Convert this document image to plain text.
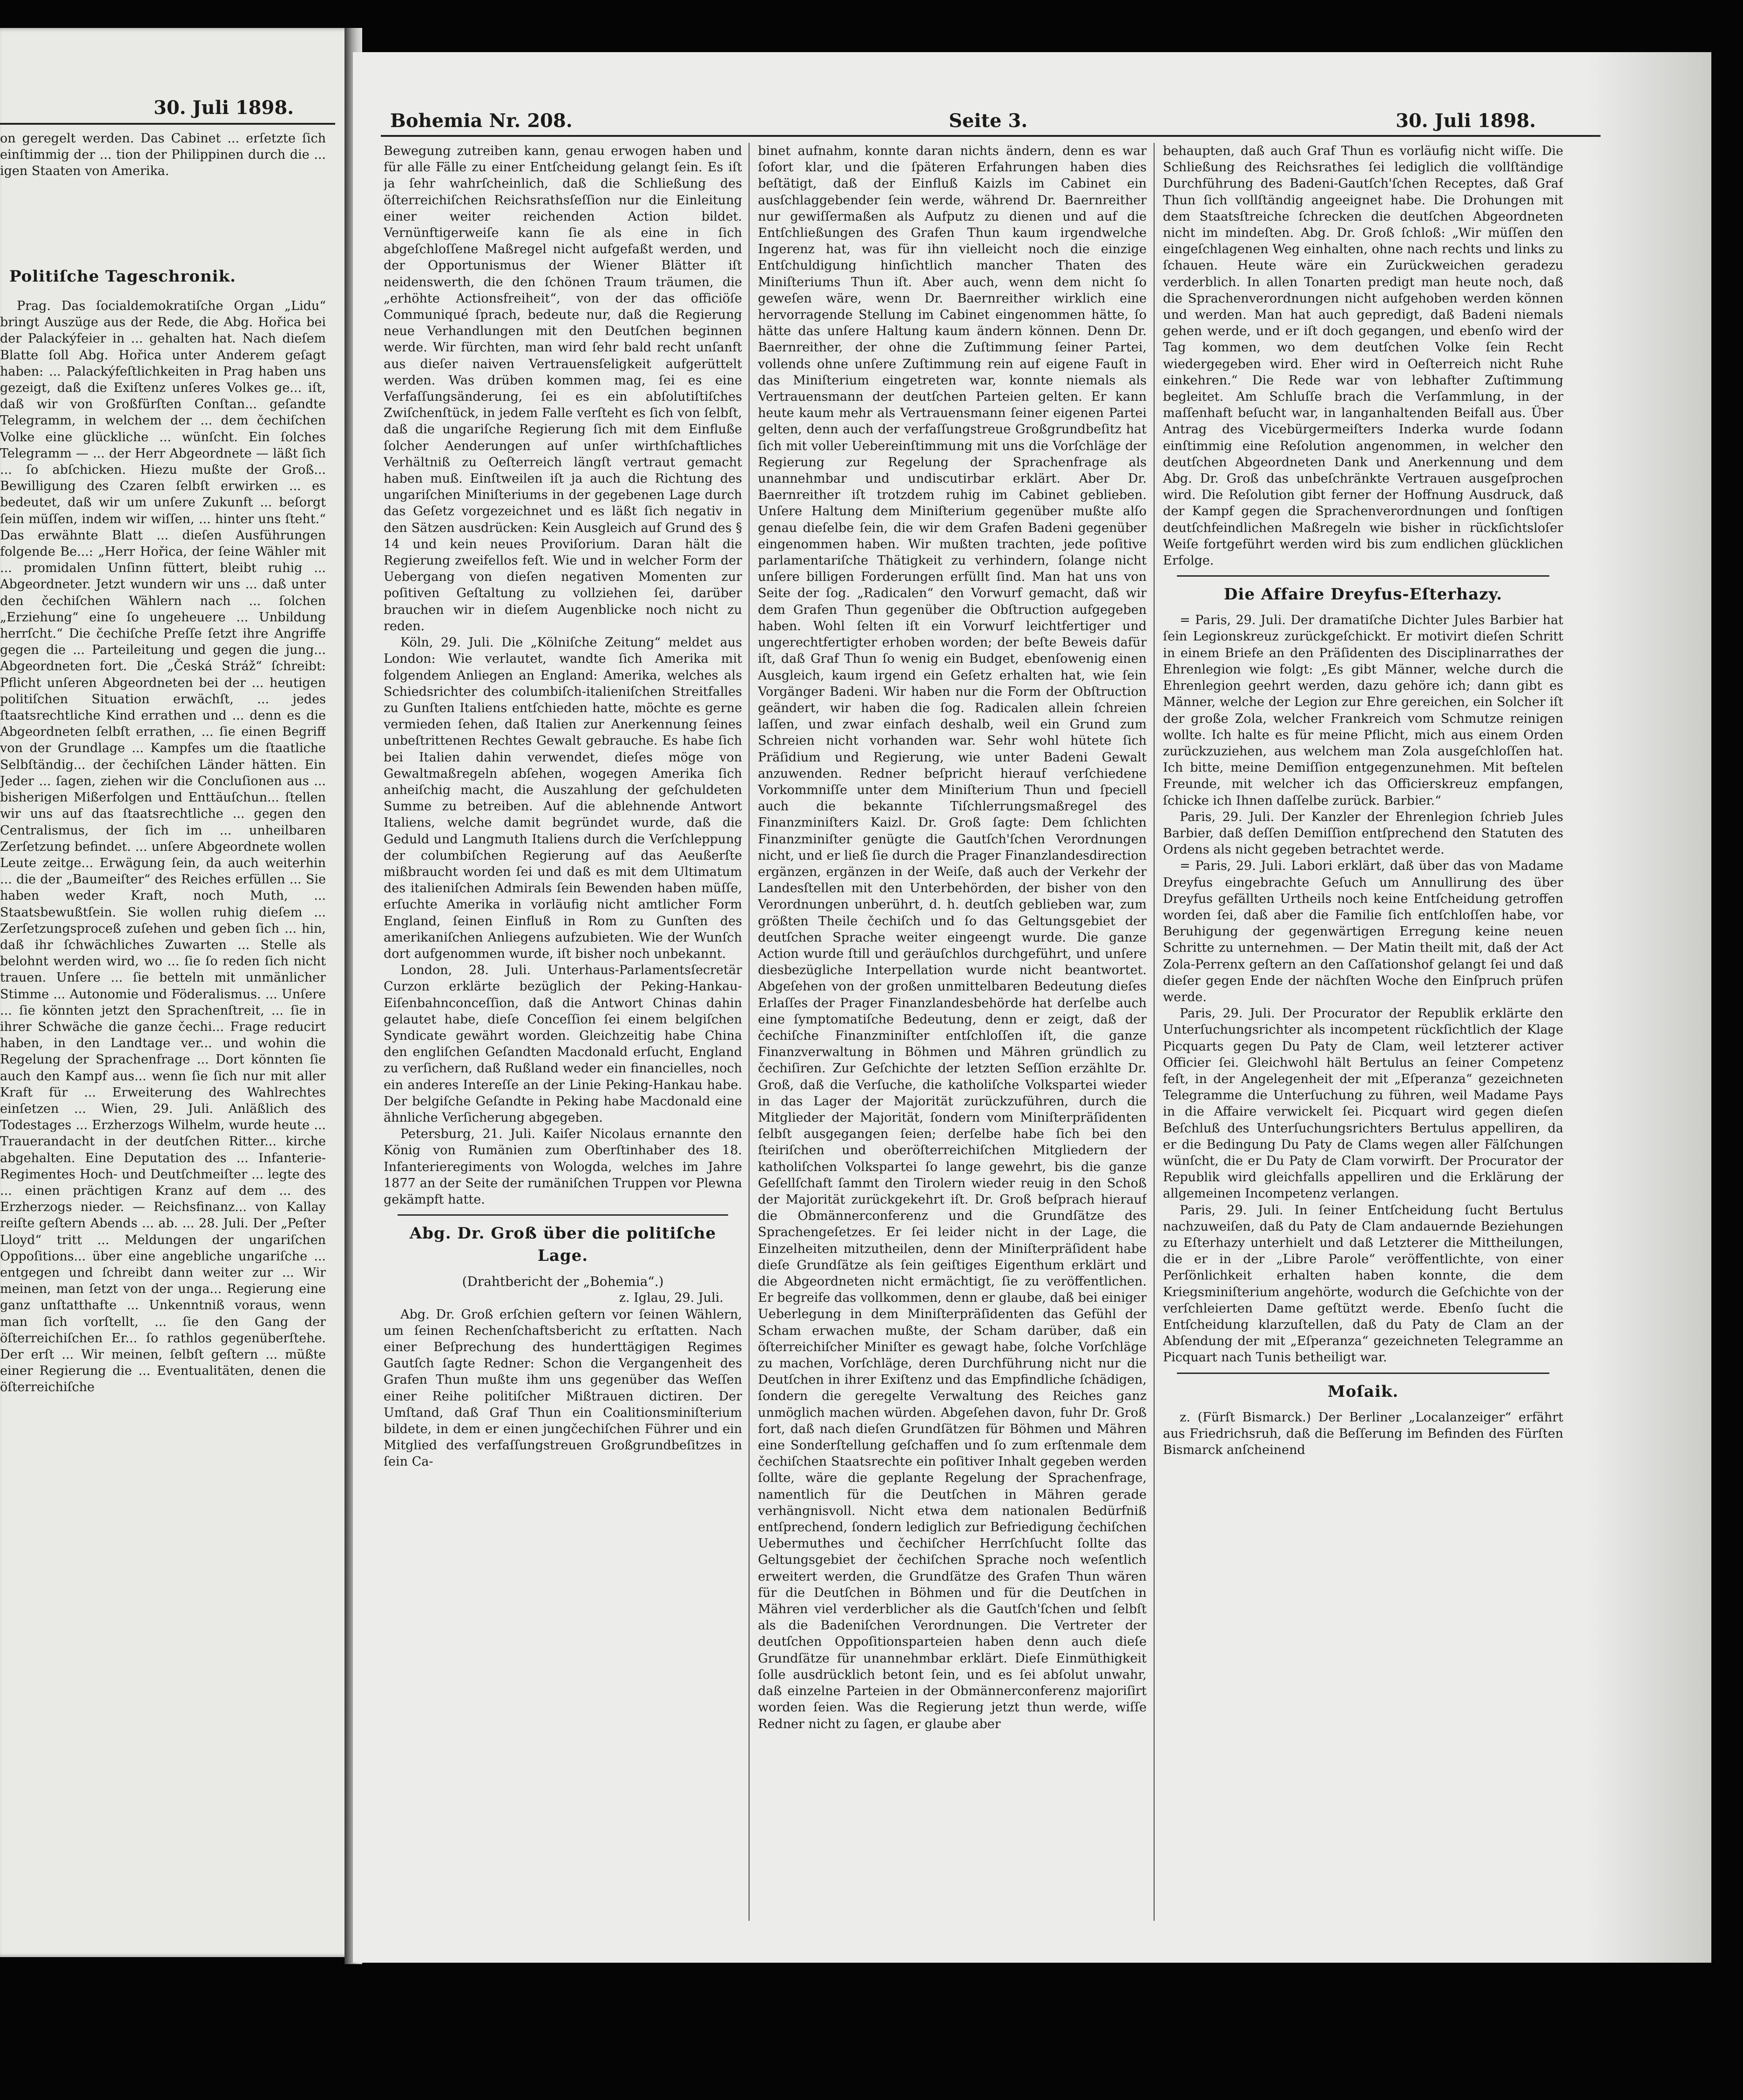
30. Juli 1898.

on geregelt werden. Das Cabinet ... erſetzte ſich einſtimmig der ... tion der Philippinen durch die ... igen Staaten von Amerika.

Politiſche Tageschronik.

Prag. Das ſocialdemokratiſche Organ „Lidu“ bringt Auszüge aus der Rede, die Abg. Hořica bei der Palackýfeier in ... gehalten hat. Nach dieſem Blatte ſoll Abg. Hořica unter Anderem geſagt haben: ... Palackýfeſtlichkeiten in Prag haben uns gezeigt, daß die Exiſtenz unſeres Volkes ge... iſt, daß wir von Großfürſten Conſtan... geſandte Telegramm, in welchem der ... dem čechiſchen Volke eine glückliche ... wünſcht. Ein ſolches Telegramm — ... der Herr Abgeordnete — läßt ſich ... ſo abſchicken. Hiezu mußte der Groß... Bewilligung des Czaren ſelbſt erwirken ... es bedeutet, daß wir um unſere Zukunft ... beſorgt ſein müſſen, indem wir wiſſen, ... hinter uns ſteht.“ Das erwähnte Blatt ... dieſen Ausführungen folgende Be...: „Herr Hořica, der ſeine Wähler mit ... promidalen Unſinn füttert, bleibt ruhig ... Abgeordneter. Jetzt wundern wir uns ... daß unter den čechiſchen Wählern nach ... ſolchen „Erziehung“ eine ſo ungeheuere ... Unbildung herrſcht.“ Die čechiſche Preſſe ſetzt ihre Angriffe gegen die ... Parteileitung und gegen die jung... Abgeordneten fort. Die „Česká Stráž“ ſchreibt: Pflicht unſeren Abgeordneten bei der ... heutigen politiſchen Situation erwächſt, ... jedes ſtaatsrechtliche Kind errathen und ... denn es die Abgeordneten ſelbſt errathen, ... ſie einen Begriff von der Grundlage ... Kampfes um die ſtaatliche Selbſtändig... der čechiſchen Länder hätten. Ein Jeder ... ſagen, ziehen wir die Concluſionen aus ... bisherigen Mißerfolgen und Enttäuſchun... ſtellen wir uns auf das ſtaatsrechtliche ... gegen den Centralismus, der ſich im ... unheilbaren Zerſetzung befindet. ... unſere Abgeordnete wollen Leute zeitge... Erwägung ſein, da auch weiterhin ... die der „Baumeiſter“ des Reiches erfüllen ... Sie haben weder Kraft, noch Muth, ... Staatsbewußtſein. Sie wollen ruhig dieſem ... Zerſetzungsproceß zuſehen und geben ſich ... hin, daß ihr ſchwächliches Zuwarten ... Stelle als belohnt werden wird, wo ... ſie ſo reden ſich nicht trauen. Unſere ... ſie betteln mit unmänlicher Stimme ... Autonomie und Föderalismus. ... Unſere ... ſie könnten jetzt den Sprachenſtreit, ... ſie in ihrer Schwäche die ganze čechi... Frage reducirt haben, in den Landtage ver... und wohin die Regelung der Sprachenfrage ... Dort könnten ſie auch den Kampf aus... wenn ſie ſich nur mit aller Kraft für ... Erweiterung des Wahlrechtes einſetzen ... Wien, 29. Juli. Anläßlich des Todestages ... Erzherzogs Wilhelm, wurde heute ... Trauerandacht in der deutſchen Ritter... kirche abgehalten. Eine Deputation des ... Infanterie-Regimentes Hoch- und Deutſchmeiſter ... legte des ... einen prächtigen Kranz auf dem ... des Erzherzogs nieder. — Reichsfinanz... von Kallay reiſte geſtern Abends ... ab. ... 28. Juli. Der „Peſter Lloyd“ tritt ... Meldungen der ungariſchen Oppoſitions... über eine angebliche ungariſche ... entgegen und ſchreibt dann weiter zur ... Wir meinen, man ſetzt von der unga... Regierung eine ganz unſtatthafte ... Unkenntniß voraus, wenn man ſich vorſtellt, ... ſie den Gang der öſterreichiſchen Er... ſo rathlos gegenüberſtehe. Der erſt ... Wir meinen, ſelbſt geſtern ... müßte einer Regierung die ... Eventualitäten, denen die öſterreichiſche

Bohemia Nr. 208.	Seite 3.	30. Juli 1898.

Bewegung zutreiben kann, genau erwogen haben und für alle Fälle zu einer Entſcheidung gelangt ſein. Es iſt ja ſehr wahrſcheinlich, daß die Schließung des öſterreichiſchen Reichsrathsſeſſion nur die Einleitung einer weiter reichenden Action bildet. Vernünftigerweiſe kann ſie als eine in ſich abgeſchloſſene Maßregel nicht aufgefaßt werden, und der Opportunismus der Wiener Blätter iſt neidenswerth, die den ſchönen Traum träumen, die „erhöhte Actionsfreiheit“, von der das officiöſe Communiqué ſprach, bedeute nur, daß die Regierung neue Verhandlungen mit den Deutſchen beginnen werde. Wir fürchten, man wird ſehr bald recht unſanft aus dieſer naiven Vertrauensſeligkeit aufgerüttelt werden. Was drüben kommen mag, ſei es eine Verfaſſungsänderung, ſei es ein abſolutiſtiſches Zwiſchenſtück, in jedem Falle verſteht es ſich von ſelbſt, daß die ungariſche Regierung ſich mit dem Einfluße ſolcher Aenderungen auf unſer wirthſchaftliches Verhältniß zu Oeſterreich längſt vertraut gemacht haben muß. Einſtweilen iſt ja auch die Richtung des ungariſchen Miniſteriums in der gegebenen Lage durch das Geſetz vorgezeichnet und es läßt ſich negativ in den Sätzen ausdrücken: Kein Ausgleich auf Grund des § 14 und kein neues Proviſorium. Daran hält die Regierung zweifellos feſt. Wie und in welcher Form der Uebergang von dieſen negativen Momenten zur poſitiven Geſtaltung zu vollziehen ſei, darüber brauchen wir in dieſem Augenblicke noch nicht zu reden.

Köln, 29. Juli. Die „Kölniſche Zeitung“ meldet aus London: Wie verlautet, wandte ſich Amerika mit folgendem Anliegen an England: Amerika, welches als Schiedsrichter des columbiſch-italieniſchen Streitfalles zu Gunſten Italiens entſchieden hatte, möchte es gerne vermieden ſehen, daß Italien zur Anerkennung ſeines unbeſtrittenen Rechtes Gewalt gebrauche. Es habe ſich bei Italien dahin verwendet, dieſes möge von Gewaltmaßregeln abſehen, wogegen Amerika ſich anheiſchig macht, die Auszahlung der geſchuldeten Summe zu betreiben. Auf die ablehnende Antwort Italiens, welche damit begründet wurde, daß die Geduld und Langmuth Italiens durch die Verſchleppung der columbiſchen Regierung auf das Aeußerſte mißbraucht worden ſei und daß es mit dem Ultimatum des italieniſchen Admirals ſein Bewenden haben müſſe, erſuchte Amerika in vorläufig nicht amtlicher Form England, ſeinen Einfluß in Rom zu Gunſten des amerikaniſchen Anliegens aufzubieten. Wie der Wunſch dort aufgenommen wurde, iſt bisher noch unbekannt.

London, 28. Juli. Unterhaus-Parlamentsſecretär Curzon erklärte bezüglich der Peking-Hankau-Eiſenbahnconceſſion, daß die Antwort Chinas dahin gelautet habe, dieſe Conceſſion ſei einem belgiſchen Syndicate gewährt worden. Gleichzeitig habe China den engliſchen Geſandten Macdonald erſucht, England zu verſichern, daß Rußland weder ein financielles, noch ein anderes Intereſſe an der Linie Peking-Hankau habe. Der belgiſche Geſandte in Peking habe Macdonald eine ähnliche Verſicherung abgegeben.

Petersburg, 21. Juli. Kaiſer Nicolaus ernannte den König von Rumänien zum Oberſtinhaber des 18. Infanterieregiments von Wologda, welches im Jahre 1877 an der Seite der rumäniſchen Truppen vor Plewna gekämpft hatte.

Abg. Dr. Groß über die politiſche Lage.

(Drahtbericht der „Bohemia“.)

z. Iglau, 29. Juli.

Abg. Dr. Groß erſchien geſtern vor ſeinen Wählern, um ſeinen Rechenſchaftsbericht zu erſtatten. Nach einer Beſprechung des hunderttägigen Regimes Gautſch ſagte Redner: Schon die Vergangenheit des Grafen Thun mußte ihm uns gegenüber das Weſſen einer Reihe politiſcher Mißtrauen dictiren. Der Umſtand, daß Graf Thun ein Coalitionsminiſterium bildete, in dem er einen jungčechiſchen Führer und ein Mitglied des verfaſſungstreuen Großgrundbeſitzes in ſein Ca-

binet aufnahm, konnte daran nichts ändern, denn es war ſofort klar, und die ſpäteren Erfahrungen haben dies beſtätigt, daß der Einfluß Kaizls im Cabinet ein ausſchlaggebender ſein werde, während Dr. Baernreither nur gewiſſermaßen als Aufputz zu dienen und auf die Entſchließungen des Grafen Thun kaum irgendwelche Ingerenz hat, was für ihn vielleicht noch die einzige Entſchuldigung hinſichtlich mancher Thaten des Miniſteriums Thun iſt. Aber auch, wenn dem nicht ſo geweſen wäre, wenn Dr. Baernreither wirklich eine hervorragende Stellung im Cabinet eingenommen hätte, ſo hätte das unſere Haltung kaum ändern können. Denn Dr. Baernreither, der ohne die Zuſtimmung ſeiner Partei, vollends ohne unſere Zuſtimmung rein auf eigene Fauſt in das Miniſterium eingetreten war, konnte niemals als Vertrauensmann der deutſchen Parteien gelten. Er kann heute kaum mehr als Vertrauensmann ſeiner eigenen Partei gelten, denn auch der verfaſſungstreue Großgrundbeſitz hat ſich mit voller Uebereinſtimmung mit uns die Vorſchläge der Regierung zur Regelung der Sprachenfrage als unannehmbar und undiscutirbar erklärt. Aber Dr. Baernreither iſt trotzdem ruhig im Cabinet geblieben. Unſere Haltung dem Miniſterium gegenüber mußte alſo genau dieſelbe ſein, die wir dem Grafen Badeni gegenüber eingenommen haben. Wir mußten trachten, jede poſitive parlamentariſche Thätigkeit zu verhindern, ſolange nicht unſere billigen Forderungen erfüllt ſind. Man hat uns von Seite der ſog. „Radicalen“ den Vorwurf gemacht, daß wir dem Grafen Thun gegenüber die Obſtruction aufgegeben haben. Wohl ſelten iſt ein Vorwurf leichtfertiger und ungerechtfertigter erhoben worden; der beſte Beweis dafür iſt, daß Graf Thun ſo wenig ein Budget, ebenſowenig einen Ausgleich, kaum irgend ein Geſetz erhalten hat, wie ſein Vorgänger Badeni. Wir haben nur die Form der Obſtruction geändert, wir haben die ſog. Radicalen allein ſchreien laſſen, und zwar einfach deshalb, weil ein Grund zum Schreien nicht vorhanden war. Sehr wohl hütete ſich Präſidium und Regierung, wie unter Badeni Gewalt anzuwenden. Redner beſpricht hierauf verſchiedene Vorkommniſſe unter dem Miniſterium Thun und ſpeciell auch die bekannte Tiſchlerrungsmaßregel des Finanzminiſters Kaizl. Dr. Groß ſagte: Dem ſchlichten Finanzminiſter genügte die Gautſch'ſchen Verordnungen nicht, und er ließ ſie durch die Prager Finanzlandesdirection ergänzen, ergänzen in der Weiſe, daß auch der Verkehr der Landesſtellen mit den Unterbehörden, der bisher von den Verordnungen unberührt, d. h. deutſch geblieben war, zum größten Theile čechiſch und ſo das Geltungsgebiet der deutſchen Sprache weiter eingeengt wurde. Die ganze Action wurde ſtill und geräuſchlos durchgeführt, und unſere diesbezügliche Interpellation wurde nicht beantwortet. Abgeſehen von der großen unmittelbaren Bedeutung dieſes Erlaſſes der Prager Finanzlandesbehörde hat derſelbe auch eine ſymptomatiſche Bedeutung, denn er zeigt, daß der čechiſche Finanzminiſter entſchloſſen iſt, die ganze Finanzverwaltung in Böhmen und Mähren gründlich zu čechiſiren. Zur Geſchichte der letzten Seſſion erzählte Dr. Groß, daß die Verſuche, die katholiſche Volkspartei wieder in das Lager der Majorität zurückzuführen, durch die Mitglieder der Majorität, ſondern vom Miniſterpräſidenten ſelbſt ausgegangen ſeien; derſelbe habe ſich bei den ſteiriſchen und oberöſterreichiſchen Mitgliedern der katholiſchen Volkspartei ſo lange gewehrt, bis die ganze Geſellſchaft ſammt den Tirolern wieder reuig in den Schoß der Majorität zurückgekehrt iſt. Dr. Groß beſprach hierauf die Obmännerconferenz und die Grundſätze des Sprachengeſetzes. Er ſei leider nicht in der Lage, die Einzelheiten mitzutheilen, denn der Miniſterpräſident habe dieſe Grundſätze als ſein geiſtiges Eigenthum erklärt und die Abgeordneten nicht ermächtigt, ſie zu veröffentlichen. Er begreife das vollkommen, denn er glaube, daß bei einiger Ueberlegung in dem Miniſterpräſidenten das Gefühl der Scham erwachen mußte, der Scham darüber, daß ein öſterreichiſcher Miniſter es gewagt habe, ſolche Vorſchläge zu machen, Vorſchläge, deren Durchführung nicht nur die Deutſchen in ihrer Exiſtenz und das Empfindliche ſchädigen, ſondern die geregelte Verwaltung des Reiches ganz unmöglich machen würden. Abgeſehen davon, fuhr Dr. Groß fort, daß nach dieſen Grundſätzen für Böhmen und Mähren eine Sonderſtellung geſchaffen und ſo zum erſtenmale dem čechiſchen Staatsrechte ein poſitiver Inhalt gegeben werden ſollte, wäre die geplante Regelung der Sprachenfrage, namentlich für die Deutſchen in Mähren gerade verhängnisvoll. Nicht etwa dem nationalen Bedürfniß entſprechend, ſondern lediglich zur Befriedigung čechiſchen Uebermuthes und čechiſcher Herrſchſucht ſollte das Geltungsgebiet der čechiſchen Sprache noch weſentlich erweitert werden, die Grundſätze des Grafen Thun wären für die Deutſchen in Böhmen und für die Deutſchen in Mähren viel verderblicher als die Gautſch'ſchen und ſelbſt als die Badeniſchen Verordnungen. Die Vertreter der deutſchen Oppoſitionsparteien haben denn auch dieſe Grundſätze für unannehmbar erklärt. Dieſe Einmüthigkeit ſolle ausdrücklich betont ſein, und es ſei abſolut unwahr, daß einzelne Parteien in der Obmännerconferenz majoriſirt worden ſeien. Was die Regierung jetzt thun werde, wiſſe Redner nicht zu ſagen, er glaube aber

behaupten, daß auch Graf Thun es vorläufig nicht wiſſe. Die Schließung des Reichsrathes ſei lediglich die vollſtändige Durchführung des Badeni-Gautſch'ſchen Receptes, daß Graf Thun ſich vollſtändig angeeignet habe. Die Drohungen mit dem Staatsſtreiche ſchrecken die deutſchen Abgeordneten nicht im mindeſten. Abg. Dr. Groß ſchloß: „Wir müſſen den eingeſchlagenen Weg einhalten, ohne nach rechts und links zu ſchauen. Heute wäre ein Zurückweichen geradezu verderblich. In allen Tonarten predigt man heute noch, daß die Sprachenverordnungen nicht aufgehoben werden können und werden. Man hat auch gepredigt, daß Badeni niemals gehen werde, und er iſt doch gegangen, und ebenſo wird der Tag kommen, wo dem deutſchen Volke ſein Recht wiedergegeben wird. Eher wird in Oeſterreich nicht Ruhe einkehren.“ Die Rede war von lebhafter Zuſtimmung begleitet. Am Schluſſe brach die Verſammlung, in der maſſenhaft beſucht war, in langanhaltenden Beifall aus. Über Antrag des Vicebürgermeiſters Inderka wurde ſodann einſtimmig eine Reſolution angenommen, in welcher den deutſchen Abgeordneten Dank und Anerkennung und dem Abg. Dr. Groß das unbeſchränkte Vertrauen ausgeſprochen wird. Die Reſolution gibt ferner der Hoffnung Ausdruck, daß der Kampf gegen die Sprachenverordnungen und ſonſtigen deutſchfeindlichen Maßregeln wie bisher in rückſichtsloſer Weiſe fortgeführt werden wird bis zum endlichen glücklichen Erfolge.

Die Affaire Dreyfus-Eſterhazy.

= Paris, 29. Juli. Der dramatiſche Dichter Jules Barbier hat ſein Legionskreuz zurückgeſchickt. Er motivirt dieſen Schritt in einem Briefe an den Präſidenten des Disciplinarrathes der Ehrenlegion wie folgt: „Es gibt Männer, welche durch die Ehrenlegion geehrt werden, dazu gehöre ich; dann gibt es Männer, welche der Legion zur Ehre gereichen, ein Solcher iſt der große Zola, welcher Frankreich vom Schmutze reinigen wollte. Ich halte es für meine Pflicht, mich aus einem Orden zurückzuziehen, aus welchem man Zola ausgeſchloſſen hat. Ich bitte, meine Demiſſion entgegenzunehmen. Mit beſtelen Freunde, mit welcher ich das Officierskreuz empfangen, ſchicke ich Ihnen daſſelbe zurück. Barbier.“

Paris, 29. Juli. Der Kanzler der Ehrenlegion ſchrieb Jules Barbier, daß deſſen Demiſſion entſprechend den Statuten des Ordens als nicht gegeben betrachtet werde.

= Paris, 29. Juli. Labori erklärt, daß über das von Madame Dreyfus eingebrachte Geſuch um Annullirung des über Dreyfus gefällten Urtheils noch keine Entſcheidung getroffen worden ſei, daß aber die Familie ſich entſchloſſen habe, vor Beruhigung der gegenwärtigen Erregung keine neuen Schritte zu unternehmen. — Der Matin theilt mit, daß der Act Zola-Perrenx geſtern an den Caſſationshof gelangt ſei und daß dieſer gegen Ende der nächſten Woche den Einſpruch prüfen werde.

Paris, 29. Juli. Der Procurator der Republik erklärte den Unterſuchungsrichter als incompetent rückſichtlich der Klage Picquarts gegen Du Paty de Clam, weil letzterer activer Officier ſei. Gleichwohl hält Bertulus an ſeiner Competenz feſt, in der Angelegenheit der mit „Eſperanza“ gezeichneten Telegramme die Unterſuchung zu führen, weil Madame Pays in die Affaire verwickelt ſei. Picquart wird gegen dieſen Beſchluß des Unterſuchungsrichters Bertulus appelliren, da er die Bedingung Du Paty de Clams wegen aller Fälſchungen wünſcht, die er Du Paty de Clam vorwirft. Der Procurator der Republik wird gleichfalls appelliren und die Erklärung der allgemeinen Incompetenz verlangen.

Paris, 29. Juli. In ſeiner Entſcheidung ſucht Bertulus nachzuweiſen, daß du Paty de Clam andauernde Beziehungen zu Eſterhazy unterhielt und daß Letzterer die Mittheilungen, die er in der „Libre Parole“ veröffentlichte, von einer Perſönlichkeit erhalten haben konnte, die dem Kriegsminiſterium angehörte, wodurch die Geſchichte von der verſchleierten Dame geſtützt werde. Ebenſo ſucht die Entſcheidung klarzuſtellen, daß du Paty de Clam an der Abſendung der mit „Eſperanza“ gezeichneten Telegramme an Picquart nach Tunis betheiligt war.

Moſaik.

z. (Fürſt Bismarck.) Der Berliner „Localanzeiger“ erfährt aus Friedrichsruh, daß die Beſſerung im Befinden des Fürſten Bismarck anſcheinend
